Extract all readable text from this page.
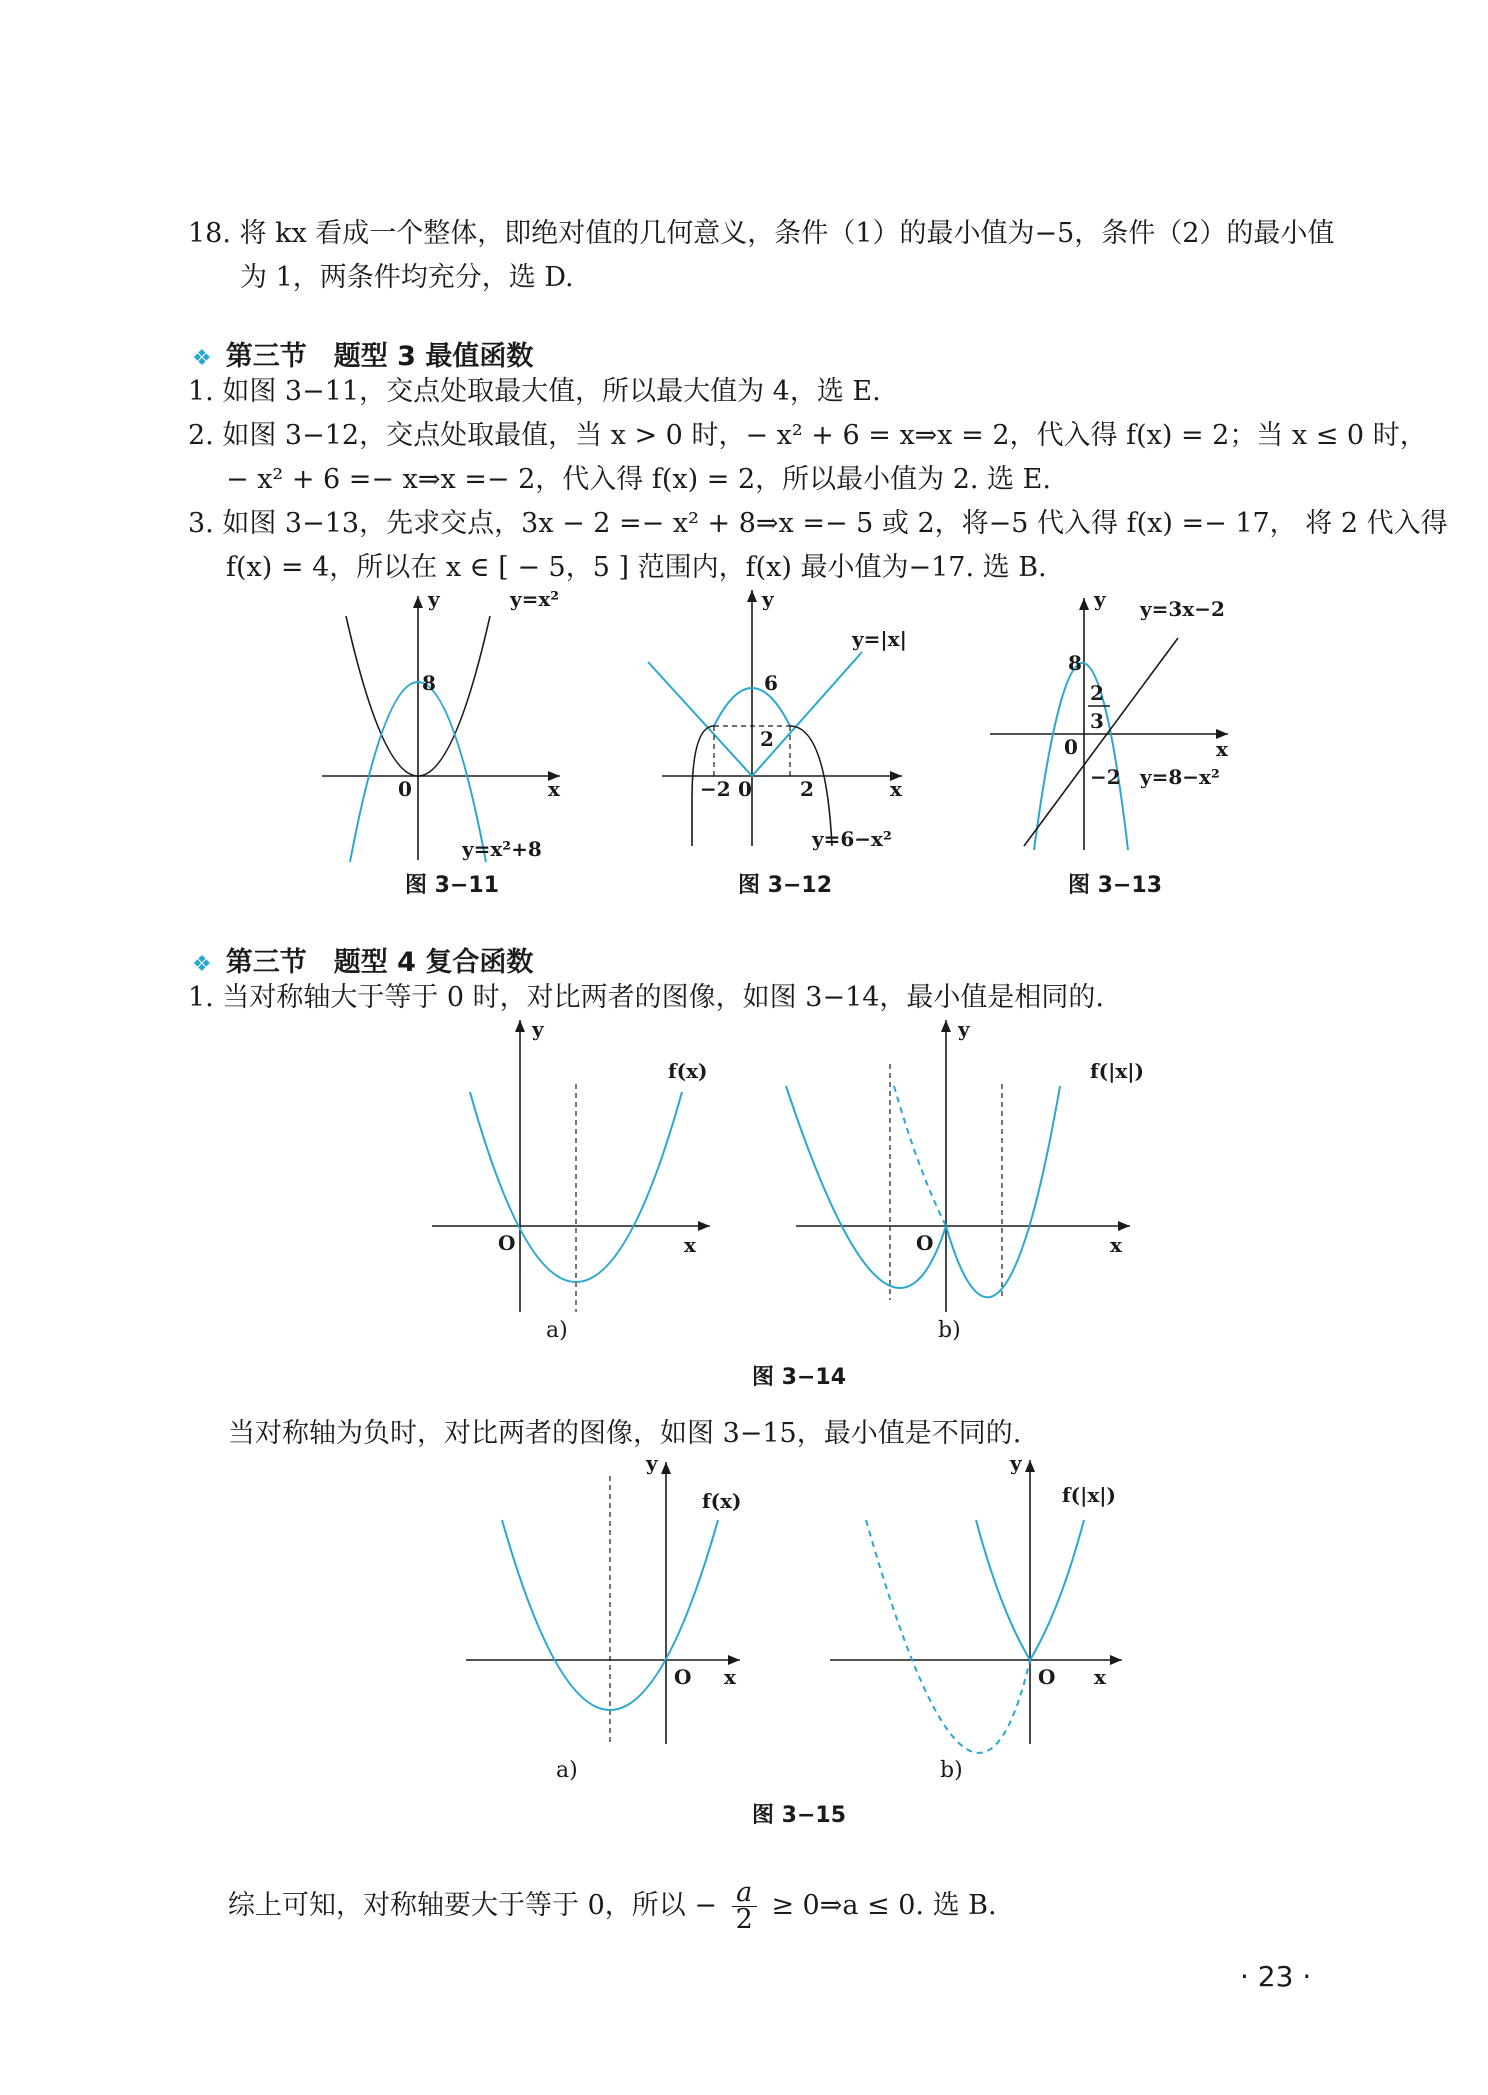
18. 将 kx 看成一个整体，即绝对值的几何意义，条件（1）的最小值为−5，条件（2）的最小值
为 1，两条件均充分，选 D.
❖ 第三节　题型 3 最值函数
1. 如图 3−11，交点处取最大值，所以最大值为 4，选 E.
2. 如图 3−12，交点处取最值，当 x > 0 时，− x² + 6 = x⇒x = 2，代入得 f(x) = 2；当 x ≤ 0 时，
− x² + 6 =− x⇒x =− 2，代入得 f(x) = 2，所以最小值为 2. 选 E.
3. 如图 3−13，先求交点，3x − 2 =− x² + 8⇒x =− 5 或 2，将−5 代入得 f(x) =− 17， 将 2 代入得
f(x) = 4，所以在 x ∈ [ − 5，5 ] 范围内，f(x) 最小值为−17. 选 B.
y
x
0
8
y=x²
y=x²+8
图 3−11
y
x
0
6
2
−2	2
y=|x|
y=6−x²
图 3−12
y
x
0
8
2
3
−2
y=3x−2
y=8−x²
图 3−13
❖ 第三节　题型 4 复合函数
1. 当对称轴大于等于 0 时，对比两者的图像，如图 3−14，最小值是相同的.
y
x
O
f(x)
y
x
O
f(|x|)
a)	b)
图 3−14
当对称轴为负时，对比两者的图像，如图 3−15，最小值是不同的.
y
x
O
f(x)
y
x
O
f(|x|)
a)	b)
图 3−15
综上可知，对称轴要大于等于 0，所以 − $\frac{a}{2}$ ≥ 0⇒a ≤ 0. 选 B.
· 23 ·
